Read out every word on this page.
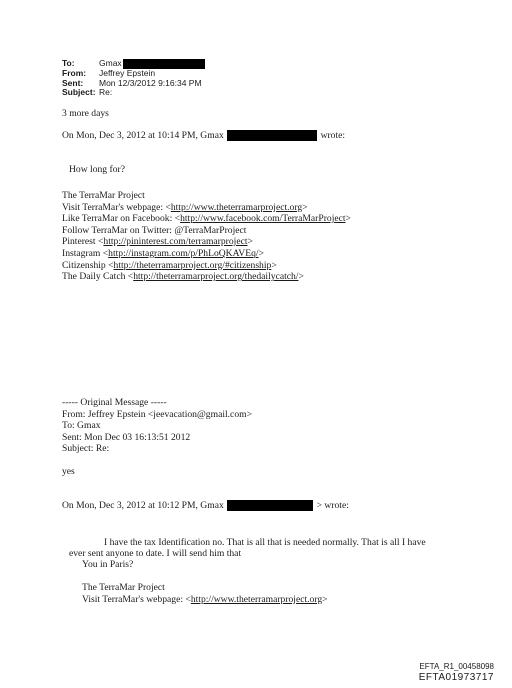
To:	Gmax
From:	Jeffrey Epstein
Sent:	Mon 12/3/2012 9:16:34 PM
Subject: Re:
3 more days
On Mon, Dec 3, 2012 at 10:14 PM, Gmax	wrote:
How long for?
The TerraMar Project
Visit TerraMar's webpage: <http://www.theterramarproject.org>
Like TerraMar on Facebook: <http://www.facebook.com/TerraMarProject>
Follow TerraMar on Twitter: @TerraMarProject
Pinterest <http://pininterest.com/terramarproject>
Instagram <http://instagram.com/p/PhLoQKAVEq/>
Citizenship <http://theterramarproject.org/#citizenship>
The Daily Catch <http://theterramarproject.org/thedailycatch/>
----- Original Message -----
From: Jeffrey Epstein <jeevacation@gmail.com>
To: Gmax
Sent: Mon Dec 03 16:13:51 2012
Subject: Re:
yes
On Mon, Dec 3, 2012 at 10:12 PM, Gmax	> wrote:
I have the tax Identification no. That is all that is needed normally. That is all I have
ever sent anyone to date. I will send him that
You in Paris?
The TerraMar Project
Visit TerraMar's webpage: <http://www.theterramarproject.org>
EFTA_R1_00458098
EFTA01973717
